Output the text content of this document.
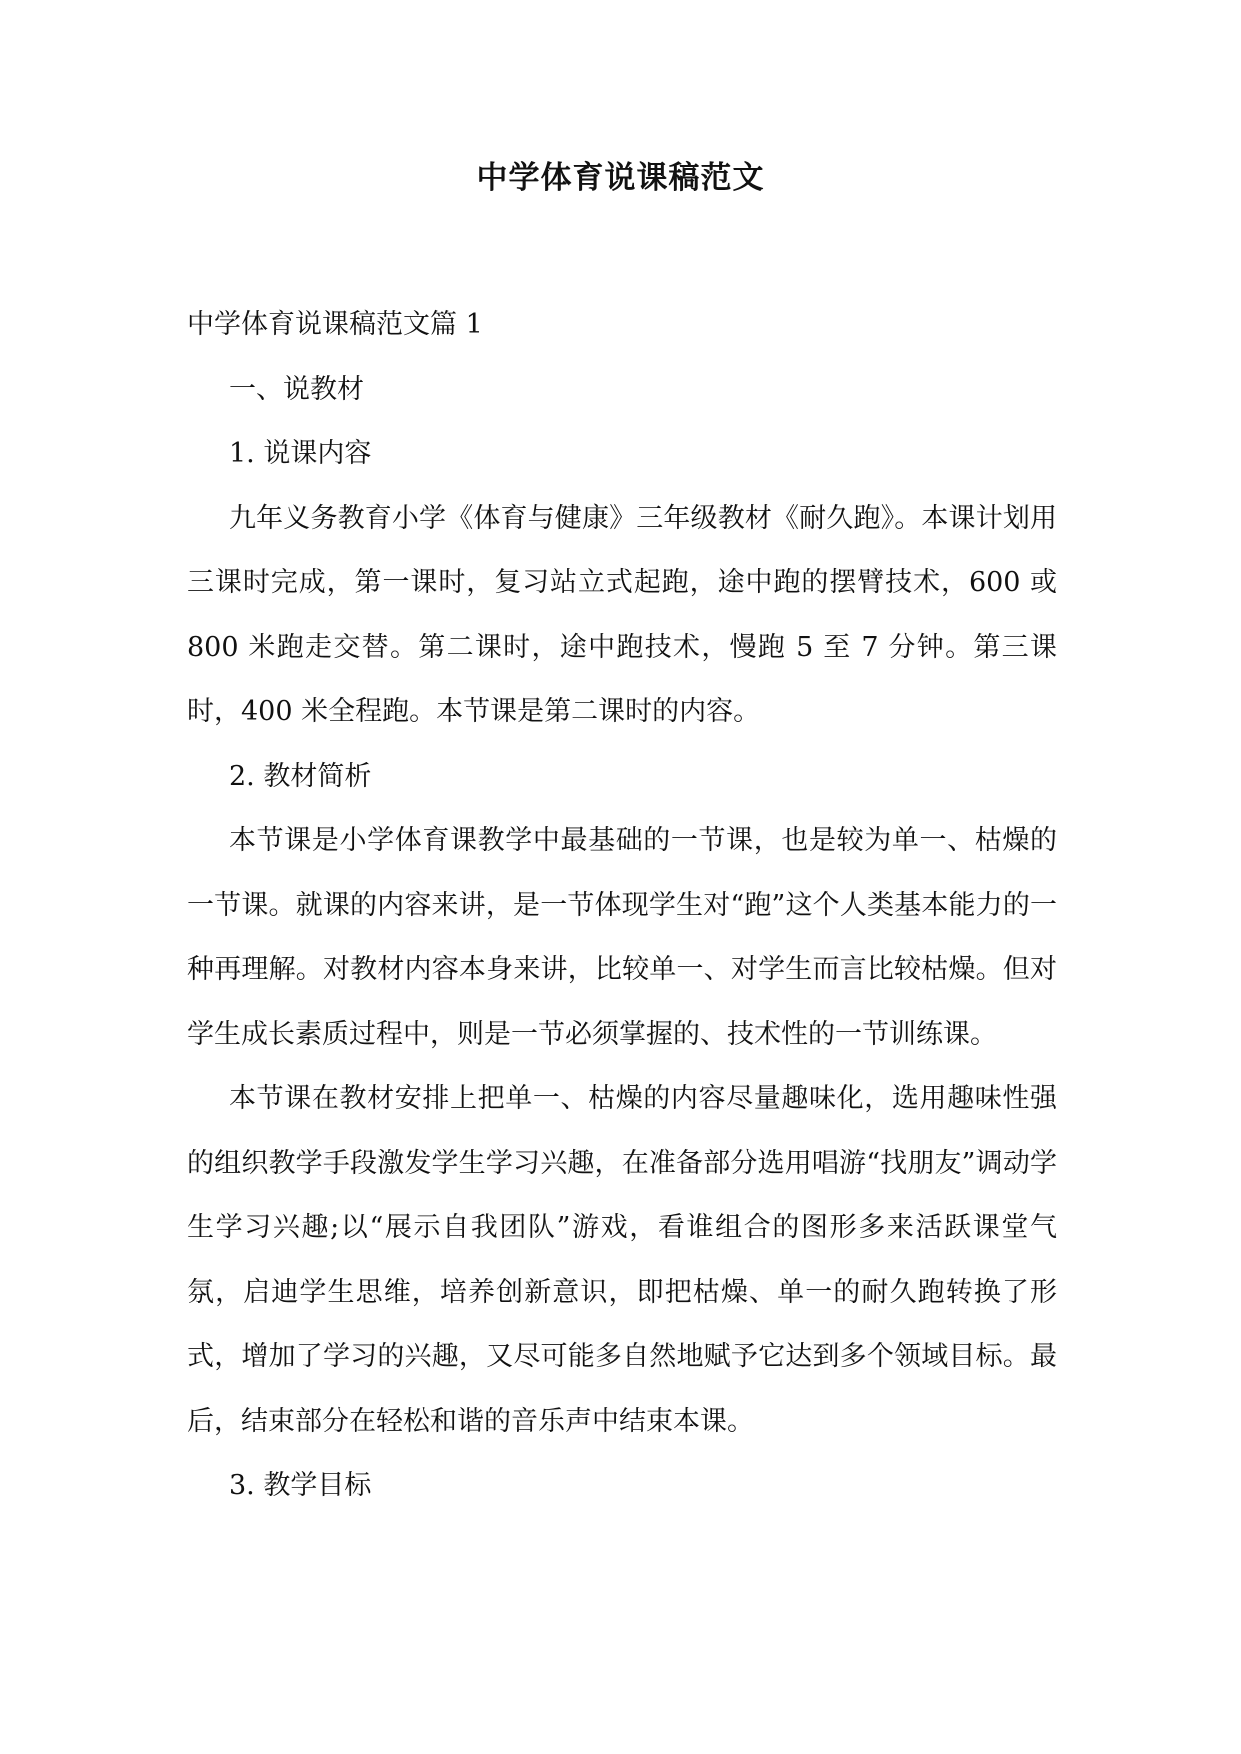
中学体育说课稿范文

中学体育说课稿范文篇 1

一、说教材

1. 说课内容

九年义务教育小学《体育与健康》三年级教材《耐久跑》。本课计划用三课时完成，第一课时，复习站立式起跑，途中跑的摆臂技术，600 或 800 米跑走交替。第二课时，途中跑技术，慢跑 5 至 7 分钟。第三课时，400 米全程跑。本节课是第二课时的内容。

2. 教材简析

本节课是小学体育课教学中最基础的一节课，也是较为单一、枯燥的一节课。就课的内容来讲，是一节体现学生对“跑”这个人类基本能力的一种再理解。对教材内容本身来讲，比较单一、对学生而言比较枯燥。但对学生成长素质过程中，则是一节必须掌握的、技术性的一节训练课。

本节课在教材安排上把单一、枯燥的内容尽量趣味化，选用趣味性强的组织教学手段激发学生学习兴趣，在准备部分选用唱游“找朋友”调动学生学习兴趣;以“展示自我团队”游戏，看谁组合的图形多来活跃课堂气氛，启迪学生思维，培养创新意识，即把枯燥、单一的耐久跑转换了形式，增加了学习的兴趣，又尽可能多自然地赋予它达到多个领域目标。最后，结束部分在轻松和谐的音乐声中结束本课。

3. 教学目标
